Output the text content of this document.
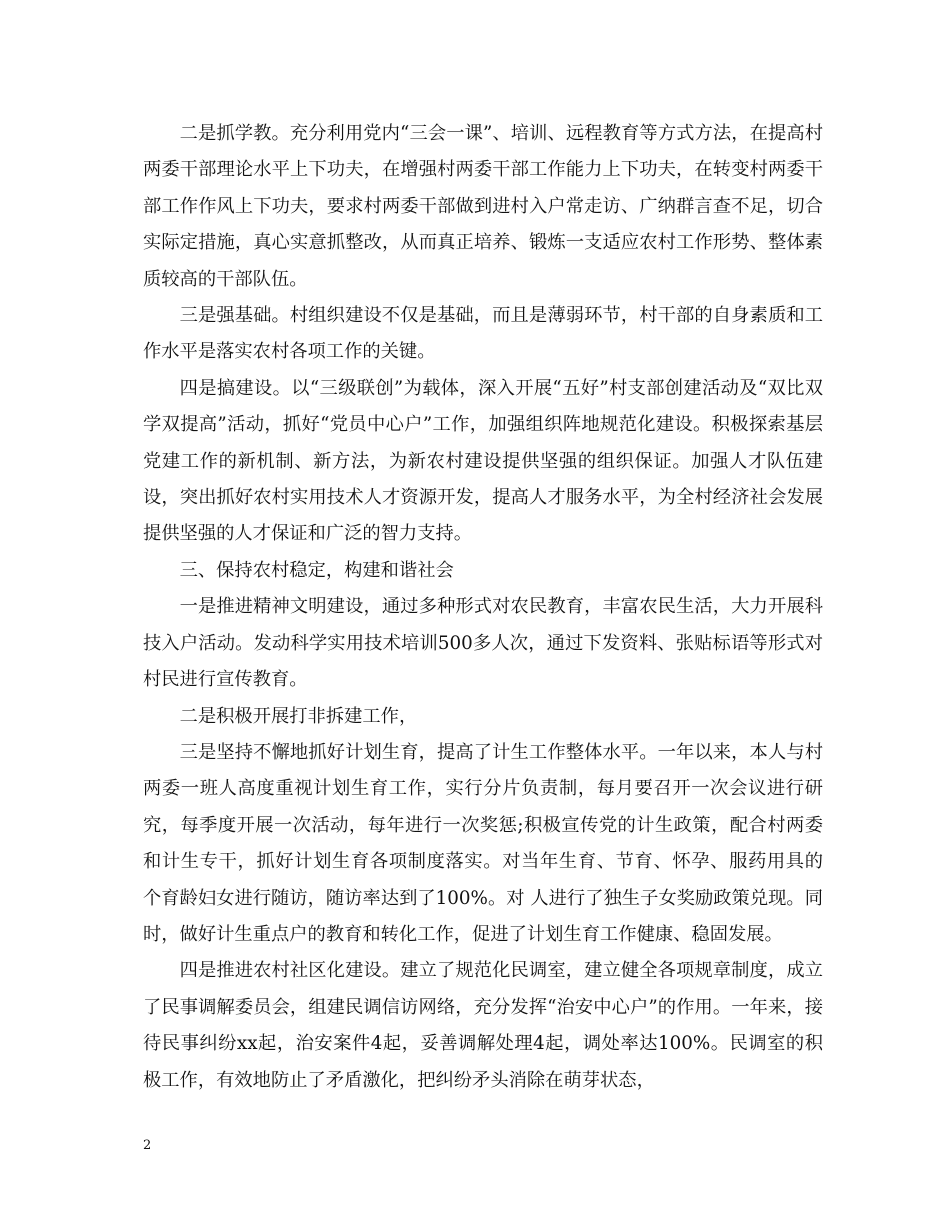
二是抓学教。充分利用党内“三会一课”、培训、远程教育等方式方法，在提高村两委干部理论水平上下功夫，在增强村两委干部工作能力上下功夫，在转变村两委干部工作作风上下功夫，要求村两委干部做到进村入户常走访、广纳群言查不足，切合实际定措施，真心实意抓整改，从而真正培养、锻炼一支适应农村工作形势、整体素质较高的干部队伍。

三是强基础。村组织建设不仅是基础，而且是薄弱环节，村干部的自身素质和工作水平是落实农村各项工作的关键。

四是搞建设。以“三级联创”为载体，深入开展“五好”村支部创建活动及“双比双学双提高”活动，抓好“党员中心户”工作，加强组织阵地规范化建设。积极探索基层党建工作的新机制、新方法，为新农村建设提供坚强的组织保证。加强人才队伍建设，突出抓好农村实用技术人才资源开发，提高人才服务水平，为全村经济社会发展提供坚强的人才保证和广泛的智力支持。

三、保持农村稳定，构建和谐社会

一是推进精神文明建设，通过多种形式对农民教育，丰富农民生活，大力开展科技入户活动。发动科学实用技术培训500多人次，通过下发资料、张贴标语等形式对村民进行宣传教育。

二是积极开展打非拆建工作，

三是坚持不懈地抓好计划生育，提高了计生工作整体水平。一年以来，本人与村两委一班人高度重视计划生育工作，实行分片负责制，每月要召开一次会议进行研究，每季度开展一次活动，每年进行一次奖惩;积极宣传党的计生政策，配合村两委和计生专干，抓好计划生育各项制度落实。对当年生育、节育、怀孕、服药用具的 个育龄妇女进行随访，随访率达到了100%。对 人进行了独生子女奖励政策兑现。同时，做好计生重点户的教育和转化工作，促进了计划生育工作健康、稳固发展。

四是推进农村社区化建设。建立了规范化民调室，建立健全各项规章制度，成立了民事调解委员会，组建民调信访网络，充分发挥“治安中心户”的作用。一年来，接待民事纠纷xx起，治安案件4起，妥善调解处理4起，调处率达100%。民调室的积极工作，有效地防止了矛盾激化，把纠纷矛头消除在萌芽状态，

2
